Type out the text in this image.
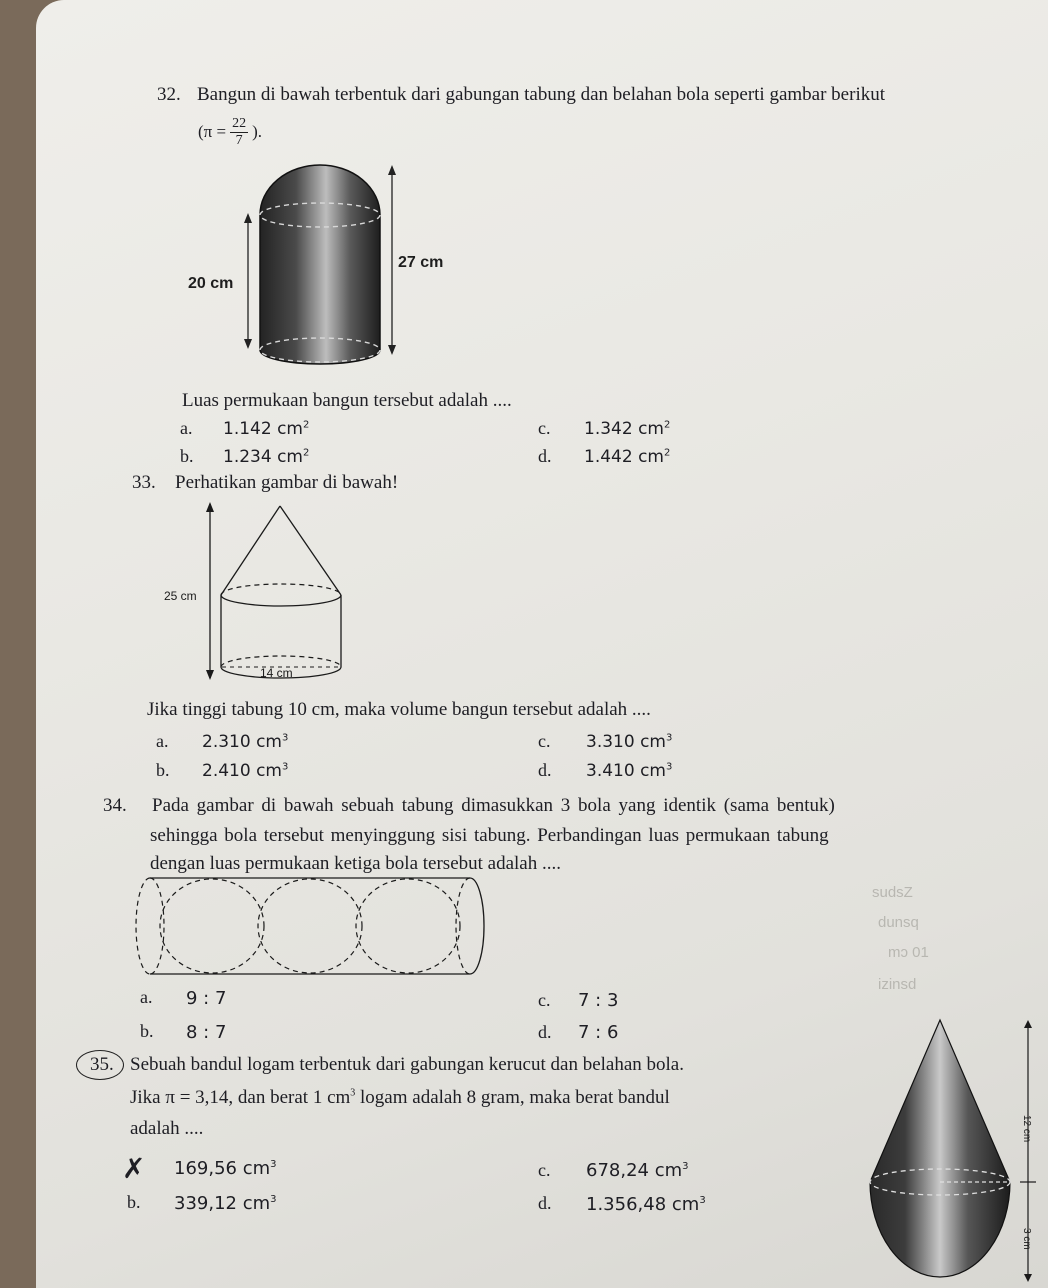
32. Bangun di bawah terbentuk dari gabungan tabung dan belahan bola seperti gambar berikut
($\pi = \frac{22}{7}$ ).
20 cm
27 cm
Luas permukaan bangun tersebut adalah ....
a. 1.142 $cm^2$	c. 1.342 $cm^2$
b. 1.234 $cm^2$	d. 1.442 $cm^2$
33. Perhatikan gambar di bawah!
25 cm
14 cm
Jika tinggi tabung 10 cm, maka volume bangun tersebut adalah ....
a. 2.310 $cm^3$	c. 3.310 $cm^3$
b. 2.410 $cm^3$	d. 3.410 $cm^3$
34. Pada gambar di bawah sebuah tabung dimasukkan 3 bola yang identik (sama bentuk)
sehingga bola tersebut menyinggung sisi tabung. Perbandingan luas permukaan tabung
dengan luas permukaan ketiga bola tersebut adalah ....
a. 9 : 7	c. 7 : 3
b. 8 : 7	d. 7 : 6
35. Sebuah bandul logam terbentuk dari gabungan kerucut dan belahan bola.
Jika π = 3,14, dan berat 1 $cm^3$ logam adalah 8 gram, maka berat bandul
adalah ....
✗ 169,56 $cm^3$	c. 678,24 $cm^3$
b. 339,12 $cm^3$	d. 1.356,48 $cm^3$
12 cm
3 cm
sudsZ
dunsq
mɔ 01
izinsd
